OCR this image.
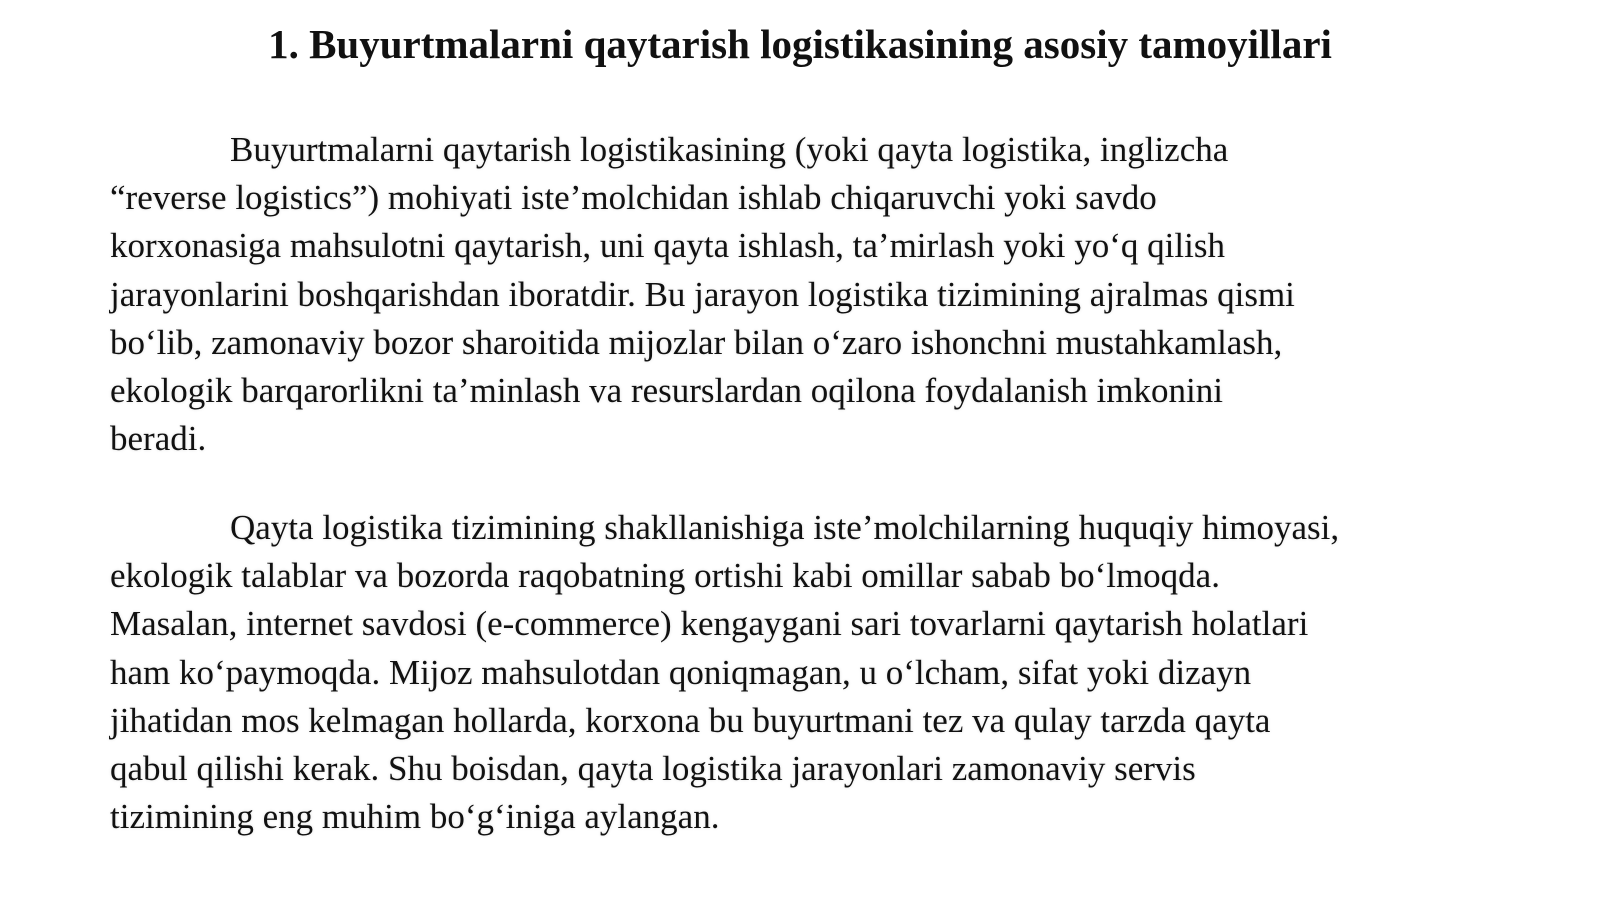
1. Buyurtmalarni qaytarish logistikasining asosiy tamoyillari

Buyurtmalarni qaytarish logistikasining (yoki qayta logistika, inglizcha
“reverse logistics”) mohiyati iste’molchidan ishlab chiqaruvchi yoki savdo
korxonasiga mahsulotni qaytarish, uni qayta ishlash, ta’mirlash yoki yo‘q qilish
jarayonlarini boshqarishdan iboratdir. Bu jarayon logistika tizimining ajralmas qismi
bo‘lib, zamonaviy bozor sharoitida mijozlar bilan o‘zaro ishonchni mustahkamlash,
ekologik barqarorlikni ta’minlash va resurslardan oqilona foydalanish imkonini
beradi.

Qayta logistika tizimining shakllanishiga iste’molchilarning huquqiy himoyasi,
ekologik talablar va bozorda raqobatning ortishi kabi omillar sabab bo‘lmoqda.
Masalan, internet savdosi (e-commerce) kengaygani sari tovarlarni qaytarish holatlari
ham ko‘paymoqda. Mijoz mahsulotdan qoniqmagan, u o‘lcham, sifat yoki dizayn
jihatidan mos kelmagan hollarda, korxona bu buyurtmani tez va qulay tarzda qayta
qabul qilishi kerak. Shu boisdan, qayta logistika jarayonlari zamonaviy servis
tizimining eng muhim bo‘g‘iniga aylangan.
